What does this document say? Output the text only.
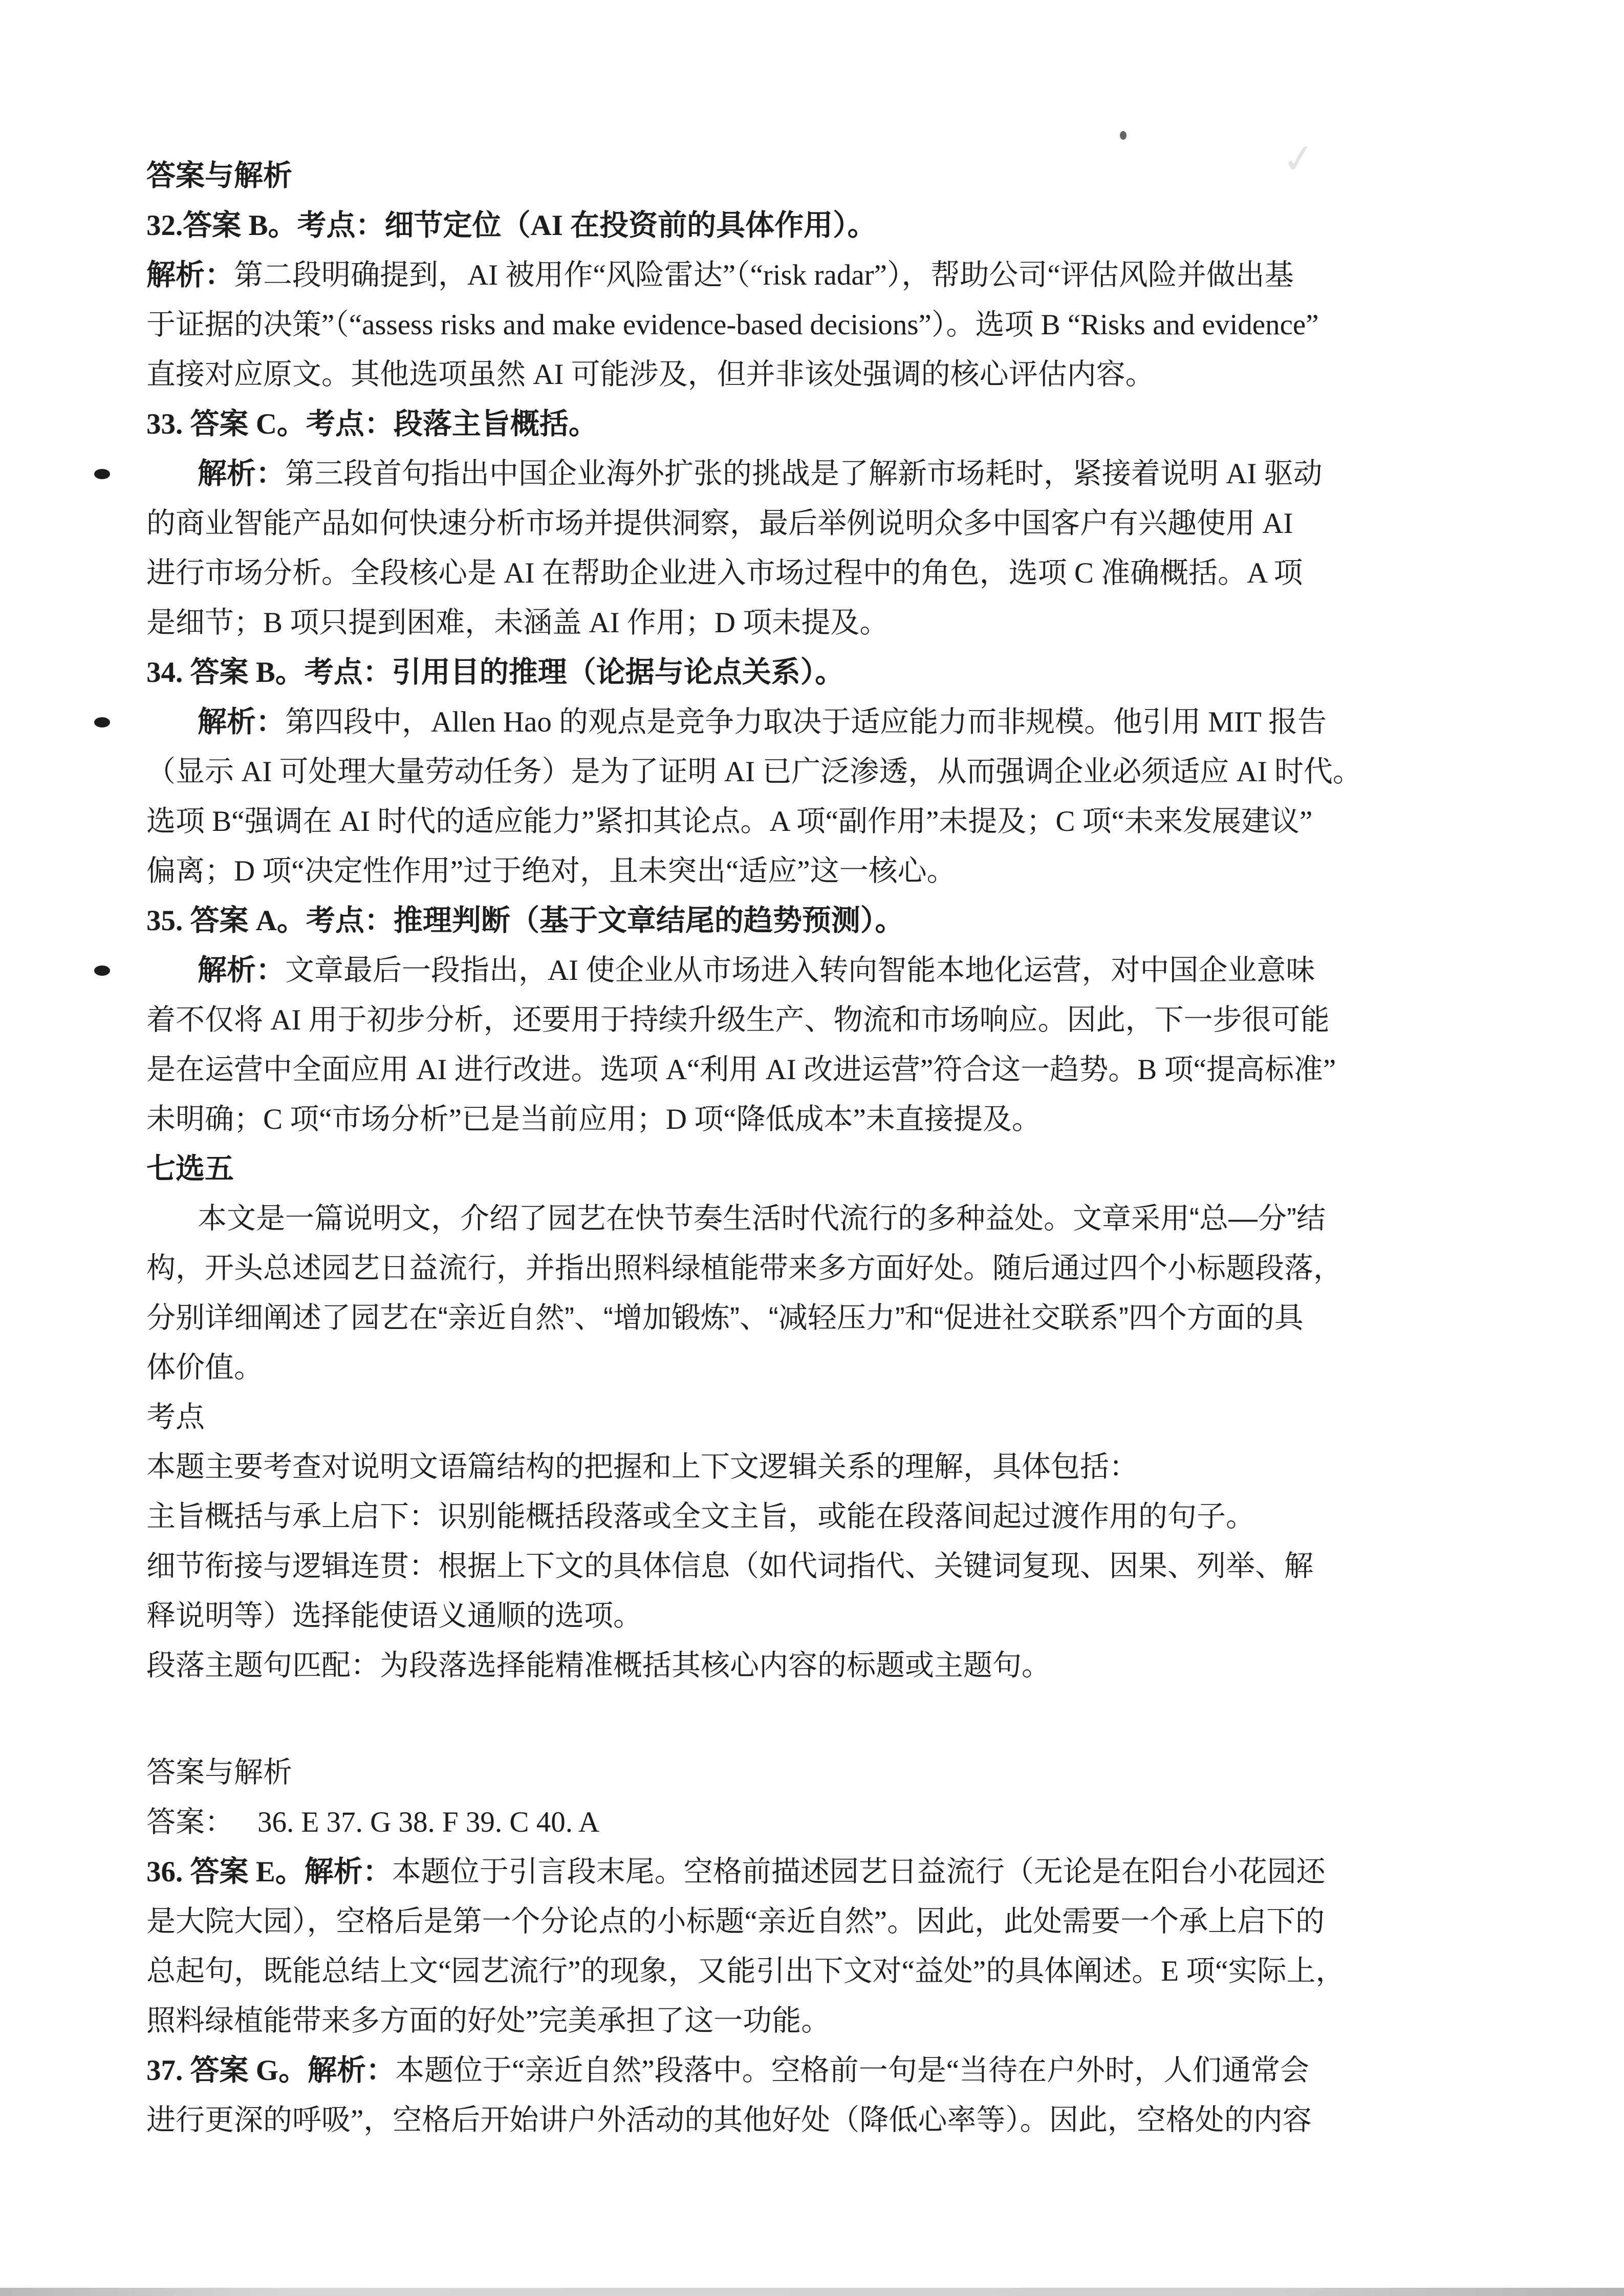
答案与解析
32.答案 B。考点：细节定位（AI 在投资前的具体作用）。
解析：第二段明确提到，AI 被用作“风险雷达”（“risk radar”），帮助公司“评估风险并做出基
于证据的决策”（“assess risks and make evidence-based decisions”）。选项 B “Risks and evidence”
直接对应原文。其他选项虽然 AI 可能涉及，但并非该处强调的核心评估内容。
33. 答案 C。考点：段落主旨概括。
解析：第三段首句指出中国企业海外扩张的挑战是了解新市场耗时，紧接着说明 AI 驱动
的商业智能产品如何快速分析市场并提供洞察，最后举例说明众多中国客户有兴趣使用 AI
进行市场分析。全段核心是 AI 在帮助企业进入市场过程中的角色，选项 C 准确概括。A 项
是细节；B 项只提到困难，未涵盖 AI 作用；D 项未提及。
34. 答案 B。考点：引用目的推理（论据与论点关系）。
解析：第四段中，Allen Hao 的观点是竞争力取决于适应能力而非规模。他引用 MIT 报告
（显示 AI 可处理大量劳动任务）是为了证明 AI 已广泛渗透，从而强调企业必须适应 AI 时代。
选项 B“强调在 AI 时代的适应能力”紧扣其论点。A 项“副作用”未提及；C 项“未来发展建议”
偏离；D 项“决定性作用”过于绝对，且未突出“适应”这一核心。
35. 答案 A。考点：推理判断（基于文章结尾的趋势预测）。
解析：文章最后一段指出，AI 使企业从市场进入转向智能本地化运营，对中国企业意味
着不仅将 AI 用于初步分析，还要用于持续升级生产、物流和市场响应。因此，下一步很可能
是在运营中全面应用 AI 进行改进。选项 A“利用 AI 改进运营”符合这一趋势。B 项“提高标准”
未明确；C 项“市场分析”已是当前应用；D 项“降低成本”未直接提及。
七选五
本文是一篇说明文，介绍了园艺在快节奏生活时代流行的多种益处。文章采用“总—分”结
构，开头总述园艺日益流行，并指出照料绿植能带来多方面好处。随后通过四个小标题段落，
分别详细阐述了园艺在“亲近自然”、“增加锻炼”、“减轻压力”和“促进社交联系”四个方面的具
体价值。
考点
本题主要考查对说明文语篇结构的把握和上下文逻辑关系的理解，具体包括：
主旨概括与承上启下：识别能概括段落或全文主旨，或能在段落间起过渡作用的句子。
细节衔接与逻辑连贯：根据上下文的具体信息（如代词指代、关键词复现、因果、列举、解
释说明等）选择能使语义通顺的选项。
段落主题句匹配：为段落选择能精准概括其核心内容的标题或主题句。
答案与解析
答案： 36. E 37. G 38. F 39. C 40. A
36. 答案 E。解析：本题位于引言段末尾。空格前描述园艺日益流行（无论是在阳台小花园还
是大院大园），空格后是第一个分论点的小标题“亲近自然”。因此，此处需要一个承上启下的
总起句，既能总结上文“园艺流行”的现象，又能引出下文对“益处”的具体阐述。E 项“实际上，
照料绿植能带来多方面的好处”完美承担了这一功能。
37. 答案 G。解析：本题位于“亲近自然”段落中。空格前一句是“当待在户外时，人们通常会
进行更深的呼吸”，空格后开始讲户外活动的其他好处（降低心率等）。因此，空格处的内容
✓
